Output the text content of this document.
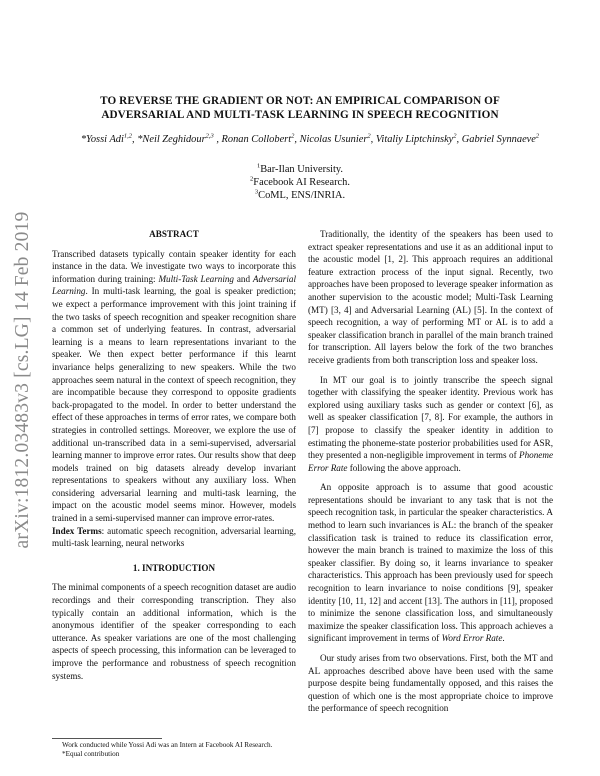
arXiv:1812.03483v3 [cs.LG] 14 Feb 2019
TO REVERSE THE GRADIENT OR NOT: AN EMPIRICAL COMPARISON OF ADVERSARIAL AND MULTI-TASK LEARNING IN SPEECH RECOGNITION
*Yossi Adi$^{1,2}$, *Neil Zeghidour$^{2,3}$ , Ronan Collobert$^2$, Nicolas Usunier$^2$, Vitaliy Liptchinsky$^2$, Gabriel Synnaeve$^2$
$^1$Bar-Ilan University.
$^2$Facebook AI Research.
$^3$CoML, ENS/INRIA.
ABSTRACT

Transcribed datasets typically contain speaker identity for each instance in the data. We investigate two ways to incorporate this information during training: Multi-Task Learning and Adversarial Learning. In multi-task learning, the goal is speaker prediction; we expect a performance improvement with this joint training if the two tasks of speech recognition and speaker recognition share a common set of underlying features. In contrast, adversarial learning is a means to learn representations invariant to the speaker. We then expect better performance if this learnt invariance helps generalizing to new speakers. While the two approaches seem natural in the context of speech recognition, they are incompatible because they correspond to opposite gradients back-propagated to the model. In order to better understand the effect of these approaches in terms of error rates, we compare both strategies in controlled settings. Moreover, we explore the use of additional un-transcribed data in a semi-supervised, adversarial learning manner to improve error rates. Our results show that deep models trained on big datasets already develop invariant representations to speakers without any auxiliary loss. When considering adversarial learning and multi-task learning, the impact on the acoustic model seems minor. However, models trained in a semi-supervised manner can improve error-rates.

Index Terms: automatic speech recognition, adversarial learning, multi-task learning, neural networks

1. INTRODUCTION

The minimal components of a speech recognition dataset are audio recordings and their corresponding transcription. They also typically contain an additional information, which is the anonymous identifier of the speaker corresponding to each utterance. As speaker variations are one of the most challenging aspects of speech processing, this information can be leveraged to improve the performance and robustness of speech recognition systems.

Work conducted while Yossi Adi was an Intern at Facebook AI Research.
*Equal contribution

Traditionally, the identity of the speakers has been used to extract speaker representations and use it as an additional input to the acoustic model [1, 2]. This approach requires an additional feature extraction process of the input signal. Recently, two approaches have been proposed to leverage speaker information as another supervision to the acoustic model; Multi-Task Learning (MT) [3, 4] and Adversarial Learning (AL) [5]. In the context of speech recognition, a way of performing MT or AL is to add a speaker classification branch in parallel of the main branch trained for transcription. All layers below the fork of the two branches receive gradients from both transcription loss and speaker loss.

In MT our goal is to jointly transcribe the speech signal together with classifying the speaker identity. Previous work has explored using auxiliary tasks such as gender or context [6], as well as speaker classification [7, 8]. For example, the authors in [7] propose to classify the speaker identity in addition to estimating the phoneme-state posterior probabilities used for ASR, they presented a non-negligible improvement in terms of Phoneme Error Rate following the above approach.

An opposite approach is to assume that good acoustic representations should be invariant to any task that is not the speech recognition task, in particular the speaker characteristics. A method to learn such invariances is AL: the branch of the speaker classification task is trained to reduce its classification error, however the main branch is trained to maximize the loss of this speaker classifier. By doing so, it learns invariance to speaker characteristics. This approach has been previously used for speech recognition to learn invariance to noise conditions [9], speaker identity [10, 11, 12] and accent [13]. The authors in [11], proposed to minimize the senone classification loss, and simultaneously maximize the speaker classification loss. This approach achieves a significant improvement in terms of Word Error Rate.

Our study arises from two observations. First, both the MT and AL approaches described above have been used with the same purpose despite being fundamentally opposed, and this raises the question of which one is the most appropriate choice to improve the performance of speech recognition
